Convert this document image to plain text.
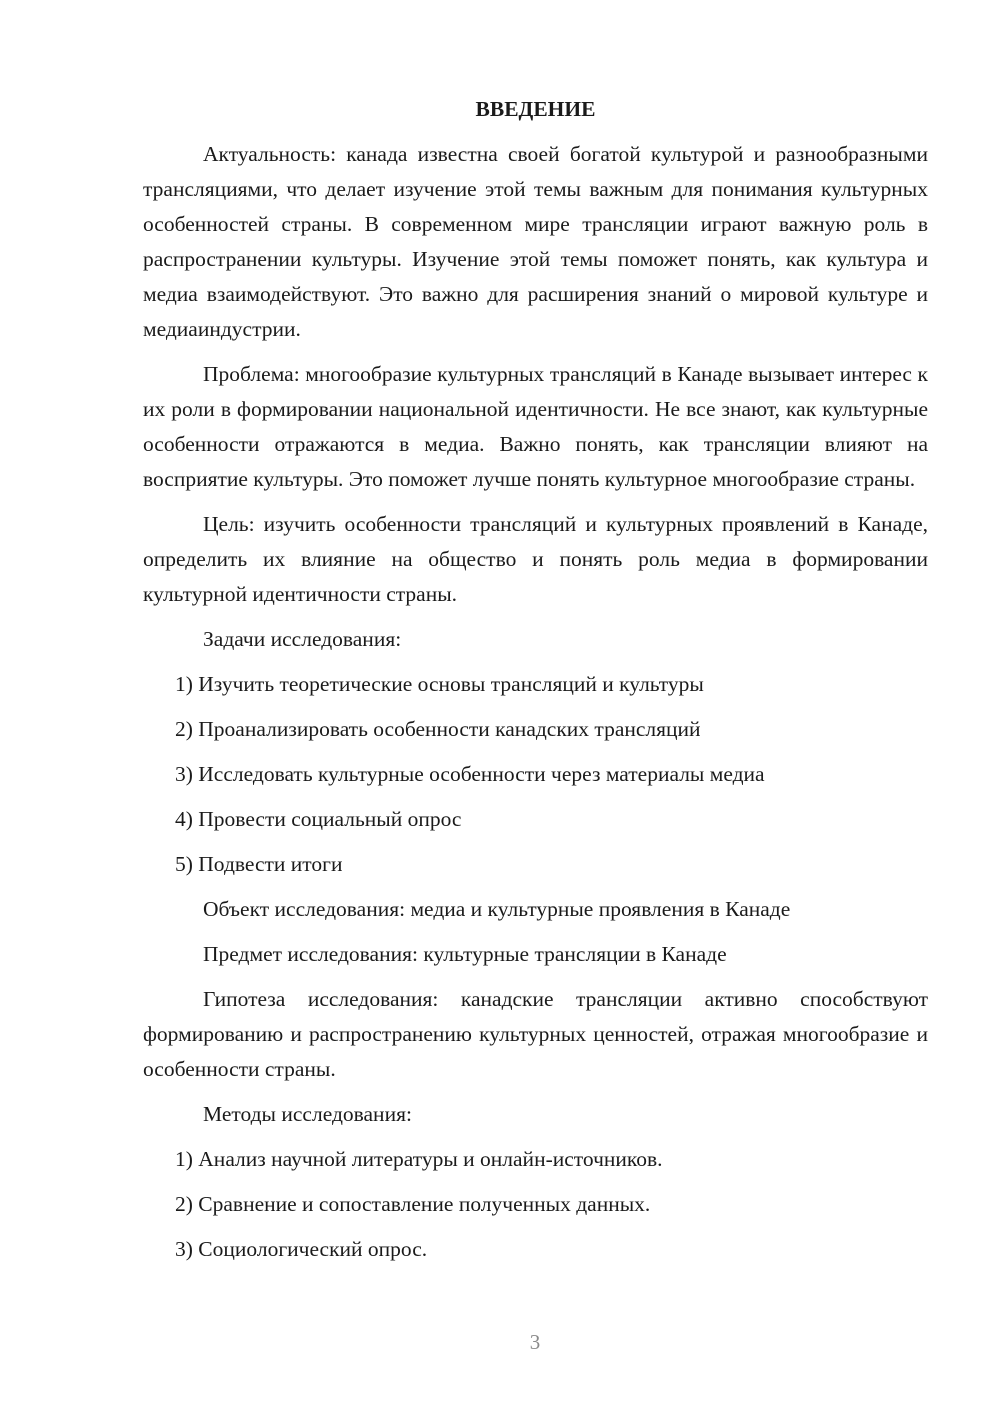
ВВЕДЕНИЕ
Актуальность: канада известна своей богатой культурой и разнообразными трансляциями, что делает изучение этой темы важным для понимания культурных особенностей страны. В современном мире трансляции играют важную роль в распространении культуры. Изучение этой темы поможет понять, как культура и медиа взаимодействуют. Это важно для расширения знаний о мировой культуре и медиаиндустрии.
Проблема: многообразие культурных трансляций в Канаде вызывает интерес к их роли в формировании национальной идентичности. Не все знают, как культурные особенности отражаются в медиа. Важно понять, как трансляции влияют на восприятие культуры. Это поможет лучше понять культурное многообразие страны.
Цель: изучить особенности трансляций и культурных проявлений в Канаде, определить их влияние на общество и понять роль медиа в формировании культурной идентичности страны.
Задачи исследования:
1) Изучить теоретические основы трансляций и культуры
2) Проанализировать особенности канадских трансляций
3) Исследовать культурные особенности через материалы медиа
4) Провести социальный опрос
5) Подвести итоги
Объект исследования: медиа и культурные проявления в Канаде
Предмет исследования: культурные трансляции в Канаде
Гипотеза исследования: канадские трансляции активно способствуют формированию и распространению культурных ценностей, отражая многообразие и особенности страны.
Методы исследования:
1) Анализ научной литературы и онлайн-источников.
2) Сравнение и сопоставление полученных данных.
3) Социологический опрос.
3
